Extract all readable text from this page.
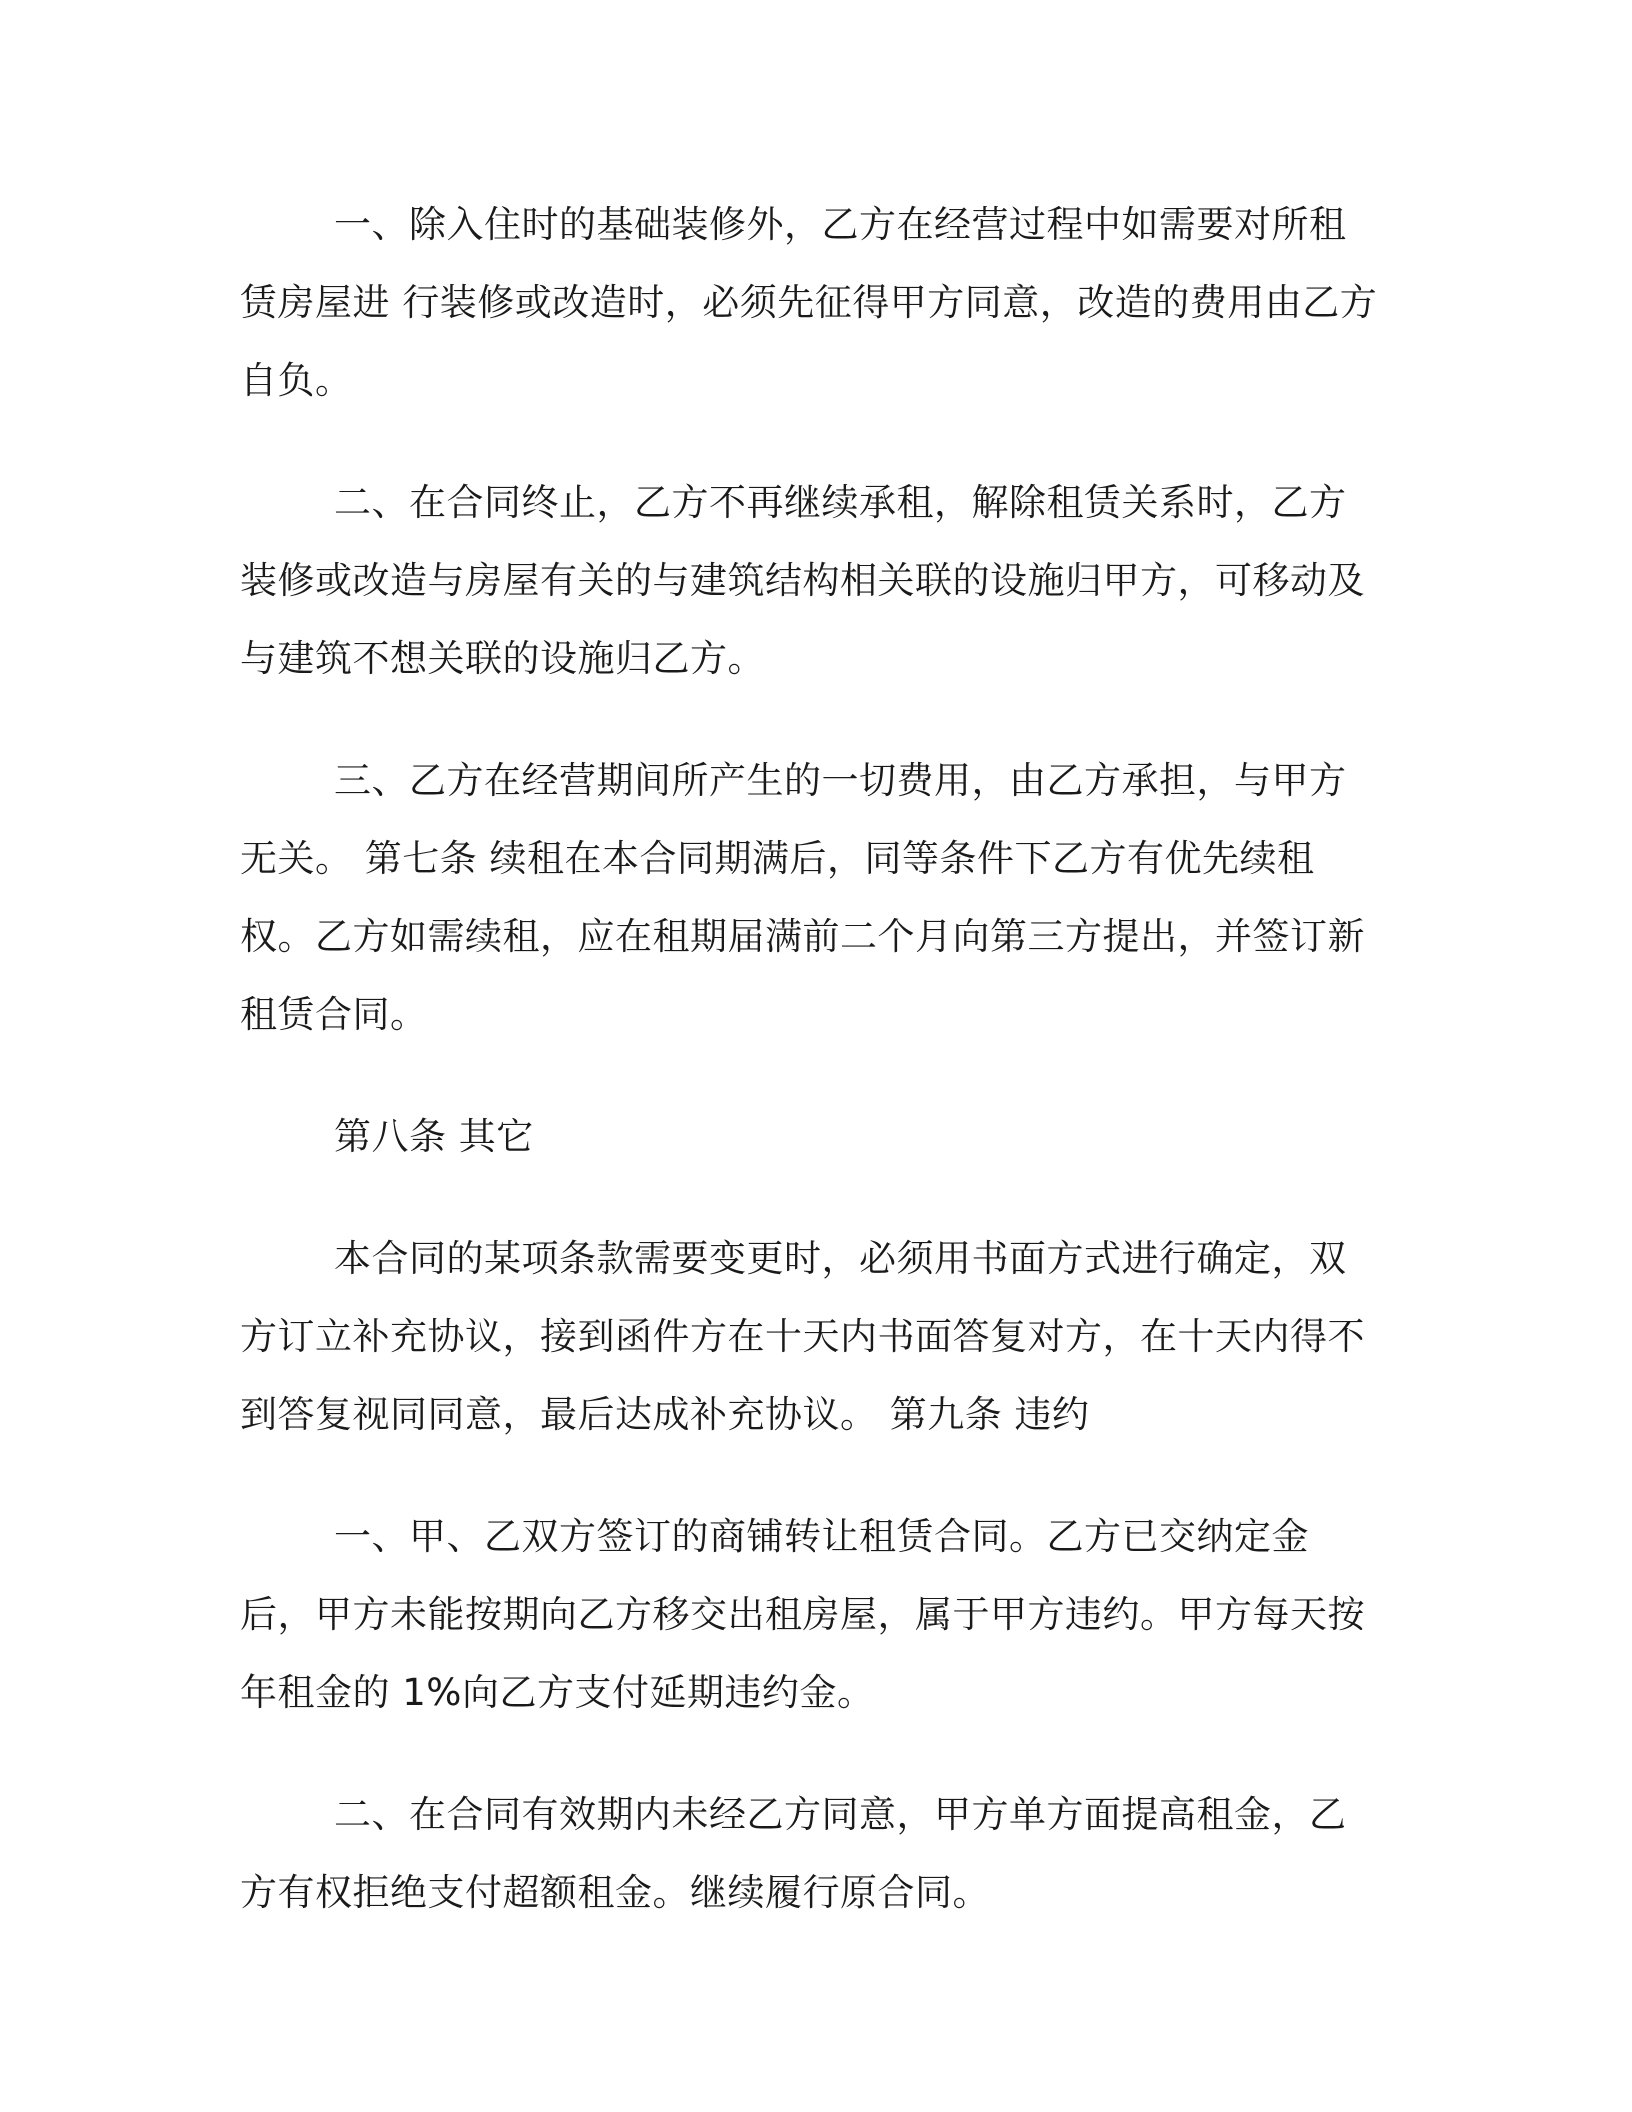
一、除入住时的基础装修外，乙方在经营过程中如需要对所租赁房屋进 行装修或改造时，必须先征得甲方同意，改造的费用由乙方自负。

二、在合同终止，乙方不再继续承租，解除租赁关系时，乙方装修或改造与房屋有关的与建筑结构相关联的设施归甲方，可移动及与建筑不想关联的设施归乙方。

三、乙方在经营期间所产生的一切费用，由乙方承担，与甲方无关。 第七条 续租在本合同期满后，同等条件下乙方有优先续租权。乙方如需续租，应在租期届满前二个月向第三方提出，并签订新租赁合同。

第八条 其它

本合同的某项条款需要变更时，必须用书面方式进行确定，双方订立补充协议，接到函件方在十天内书面答复对方，在十天内得不到答复视同同意，最后达成补充协议。 第九条 违约

一、甲、乙双方签订的商铺转让租赁合同。乙方已交纳定金后，甲方未能按期向乙方移交出租房屋，属于甲方违约。甲方每天按年租金的 1%向乙方支付延期违约金。

二、在合同有效期内未经乙方同意，甲方单方面提高租金，乙方有权拒绝支付超额租金。继续履行原合同。
